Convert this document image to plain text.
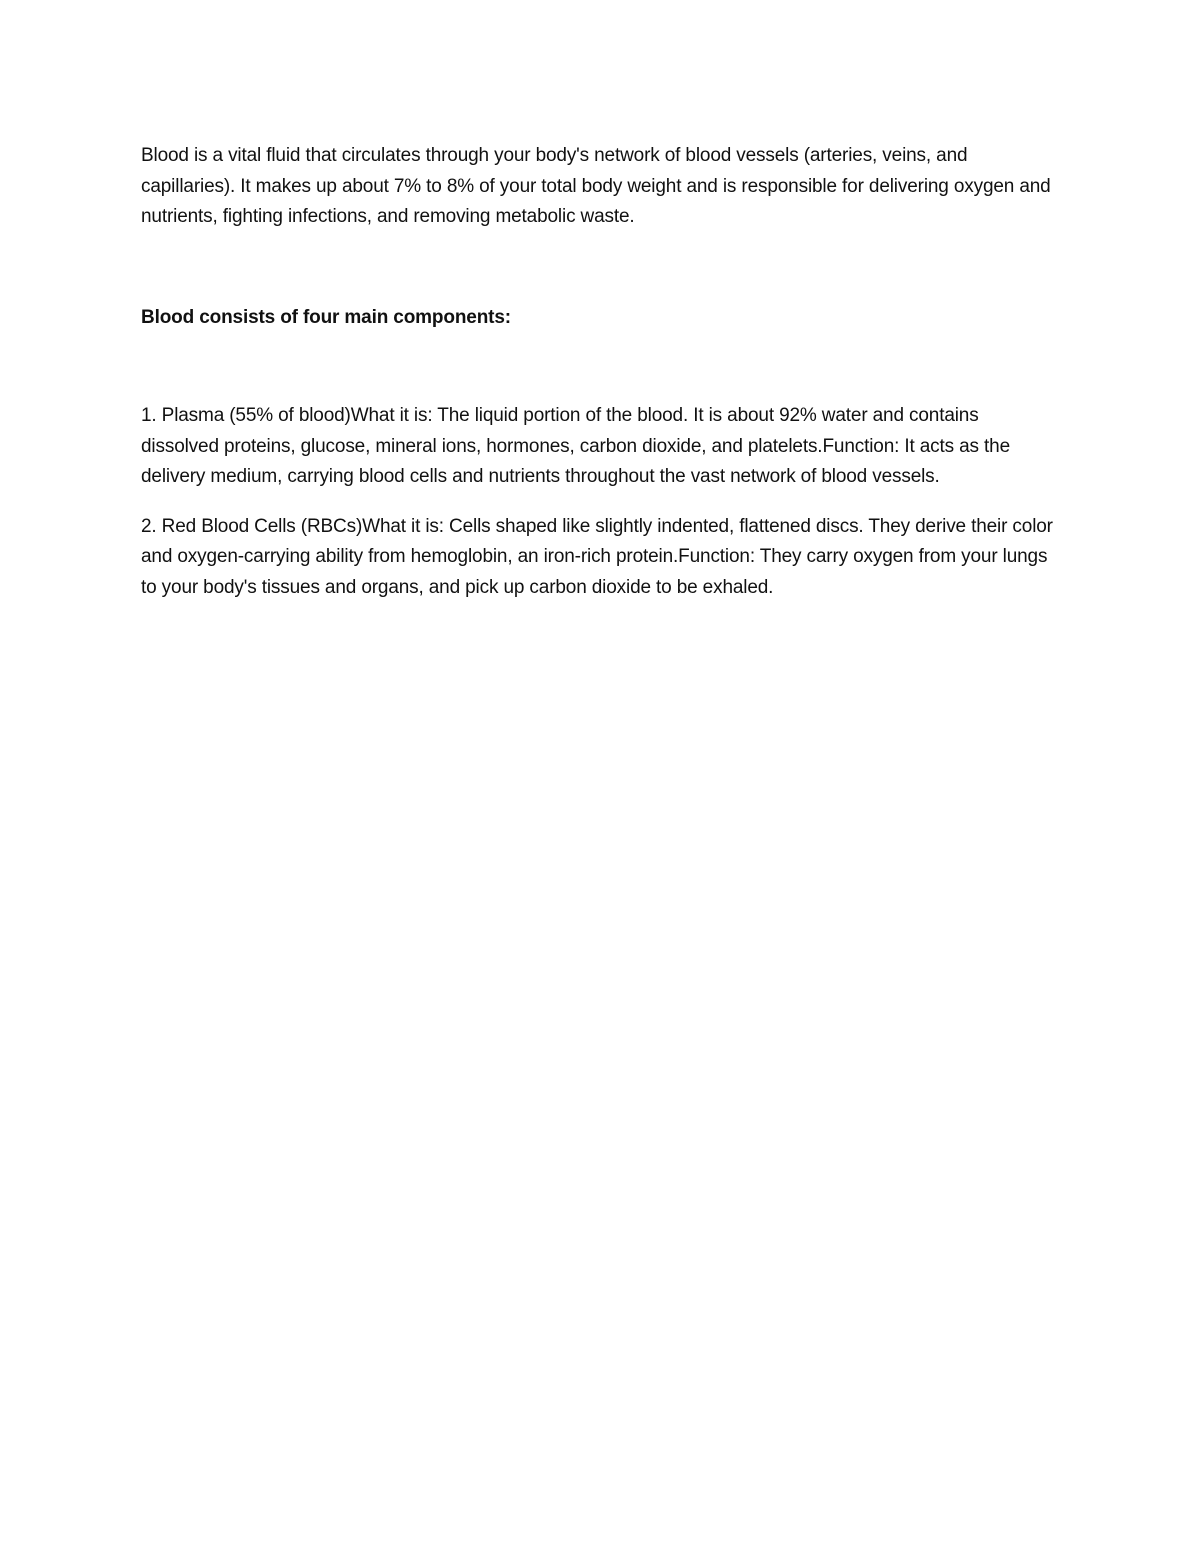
Blood is a vital fluid that circulates through your body's network of blood vessels (arteries, veins, and capillaries). It makes up about 7% to 8% of your total body weight and is responsible for delivering oxygen and nutrients, fighting infections, and removing metabolic waste.

Blood consists of four main components:

1. Plasma (55% of blood)What it is: The liquid portion of the blood. It is about 92% water and contains dissolved proteins, glucose, mineral ions, hormones, carbon dioxide, and platelets.Function: It acts as the delivery medium, carrying blood cells and nutrients throughout the vast network of blood vessels.

2. Red Blood Cells (RBCs)What it is: Cells shaped like slightly indented, flattened discs. They derive their color and oxygen-carrying ability from hemoglobin, an iron-rich protein.Function: They carry oxygen from your lungs to your body's tissues and organs, and pick up carbon dioxide to be exhaled.
